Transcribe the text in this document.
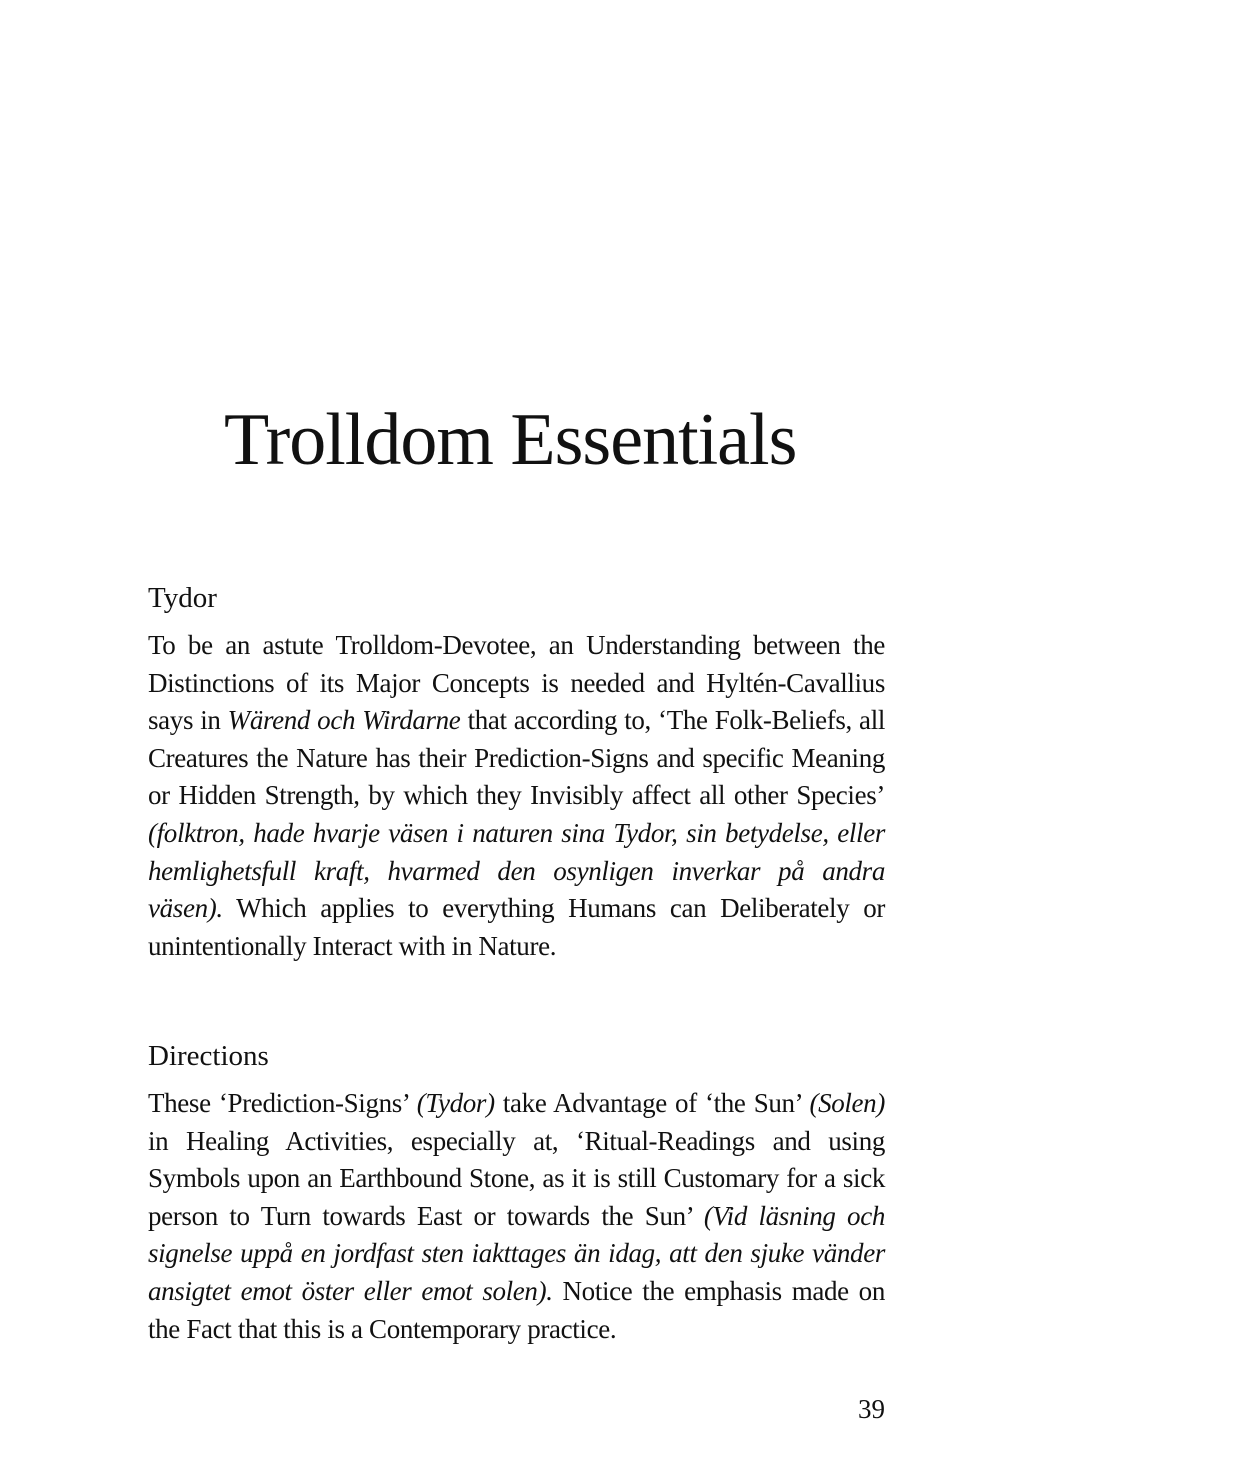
Trolldom Essentials
Tydor

To be an astute Trolldom-Devotee, an Understanding between the Distinctions of its Major Concepts is needed and Hyltén-Cavallius says in Wärend och Wirdarne that according to, ‘The Folk-Beliefs, all Creatures the Nature has their Prediction-Signs and specific Meaning or Hidden Strength, by which they Invisibly affect all other Species’ (folktron, hade hvarje väsen i naturen sina Tydor, sin betydelse, eller hemlighetsfull kraft, hvarmed den osynligen inverkar på andra väsen). Which applies to everything Humans can Deliberately or unintentionally Interact with in Nature.

Directions

These ‘Prediction-Signs’ (Tydor) take Advantage of ‘the Sun’ (Solen) in Healing Activities, especially at, ‘Ritual-Readings and using Symbols upon an Earthbound Stone, as it is still Customary for a sick person to Turn towards East or towards the Sun’ (Vid läsning och signelse uppå en jordfast sten iakttages än idag, att den sjuke vänder ansigtet emot öster eller emot solen). Notice the emphasis made on the Fact that this is a Contemporary practice.

39
